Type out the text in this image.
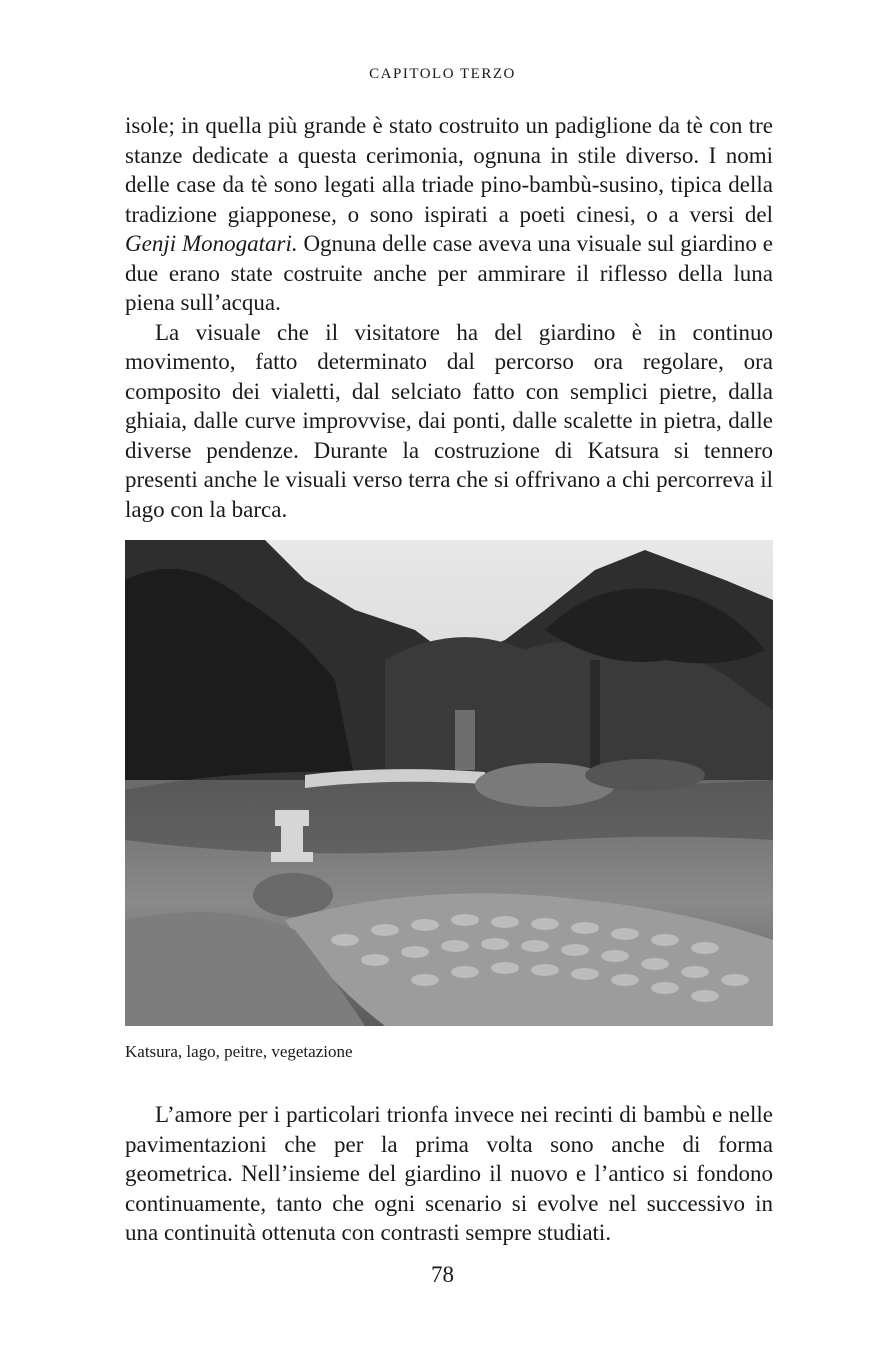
CAPITOLO TERZO

isole; in quella più grande è stato costruito un padiglione da tè con tre stanze dedicate a questa cerimonia, ognuna in stile diverso. I nomi delle case da tè sono legati alla triade pino-bambù-susino, tipica della tradizione giapponese, o sono ispirati a poeti cinesi, o a versi del Genji Monogatari. Ognuna delle case aveva una visuale sul giardino e due erano state costruite anche per ammirare il riflesso della luna piena sull’acqua.

La visuale che il visitatore ha del giardino è in continuo movimento, fatto determinato dal percorso ora regolare, ora composito dei vialetti, dal selciato fatto con semplici pietre, dalla ghiaia, dalle curve improvvise, dai ponti, dalle scalette in pietra, dalle diverse pendenze. Durante la costruzione di Katsura si tennero presenti anche le visuali verso terra che si offrivano a chi percorreva il lago con la barca.

Katsura, lago, peitre, vegetazione

L’amore per i particolari trionfa invece nei recinti di bambù e nelle pavimentazioni che per la prima volta sono anche di forma geometrica. Nell’insieme del giardino il nuovo e l’antico si fondono continuamente, tanto che ogni scenario si evolve nel successivo in una continuità ottenuta con contrasti sempre studiati.

78
